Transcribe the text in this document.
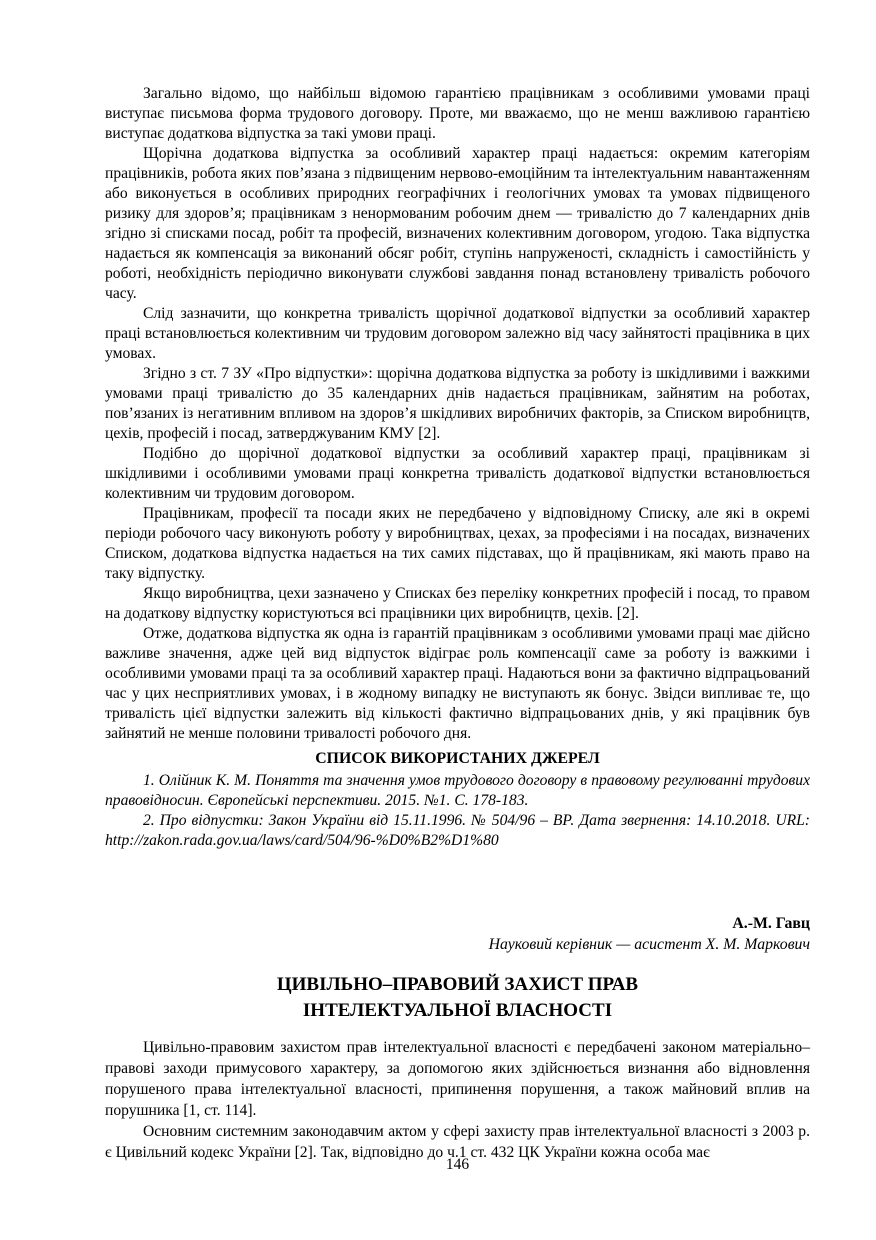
Загально відомо, що найбільш відомою гарантією працівникам з особливими умовами праці виступає письмова форма трудового договору. Проте, ми вважаємо, що не менш важливою гарантією виступає додаткова відпустка за такі умови праці.

Щорічна додаткова відпустка за особливий характер праці надається: окремим категоріям працівників, робота яких пов’язана з підвищеним нервово-емоційним та інтелектуальним навантаженням або виконується в особливих природних географічних і геологічних умовах та умовах підвищеного ризику для здоров’я; працівникам з ненормованим робочим днем — тривалістю до 7 календарних днів згідно зі списками посад, робіт та професій, визначених колективним договором, угодою. Така відпустка надається як компенсація за виконаний обсяг робіт, ступінь напруженості, складність і самостійність у роботі, необхідність періодично виконувати службові завдання понад встановлену тривалість робочого часу.

Слід зазначити, що конкретна тривалість щорічної додаткової відпустки за особливий характер праці встановлюється колективним чи трудовим договором залежно від часу зайнятості працівника в цих умовах.

Згідно з ст. 7 ЗУ «Про відпустки»: щорічна додаткова відпустка за роботу із шкідливими і важкими умовами праці тривалістю до 35 календарних днів надається працівникам, зайнятим на роботах, пов’язаних із негативним впливом на здоров’я шкідливих виробничих факторів, за Списком виробництв, цехів, професій і посад, затверджуваним КМУ [2].

Подібно до щорічної додаткової відпустки за особливий характер праці, працівникам зі шкідливими і особливими умовами праці конкретна тривалість додаткової відпустки встановлюється колективним чи трудовим договором.

Працівникам, професії та посади яких не передбачено у відповідному Списку, але які в окремі періоди робочого часу виконують роботу у виробництвах, цехах, за професіями і на посадах, визначених Списком, додаткова відпустка надається на тих самих підставах, що й працівникам, які мають право на таку відпустку.

Якщо виробництва, цехи зазначено у Списках без переліку конкретних професій і посад, то правом на додаткову відпустку користуються всі працівники цих виробництв, цехів. [2].

Отже, додаткова відпустка як одна із гарантій працівникам з особливими умовами праці має дійсно важливе значення, адже цей вид відпусток відіграє роль компенсації саме за роботу із важкими і особливими умовами праці та за особливий характер праці. Надаються вони за фактично відпрацьований час у цих несприятливих умовах, і в жодному випадку не виступають як бонус. Звідси випливає те, що тривалість цієї відпустки залежить від кількості фактично відпрацьованих днів, у які працівник був зайнятий не менше половини тривалості робочого дня.

СПИСОК ВИКОРИСТАНИХ ДЖЕРЕЛ

1. Олійник К. М. Поняття та значення умов трудового договору в правовому регулюванні трудових правовідносин. Європейські перспективи. 2015. №1. С. 178-183.

2. Про відпустки: Закон України від 15.11.1996. № 504/96 – ВР. Дата звернення: 14.10.2018. URL: http://zakon.rada.gov.ua/laws/card/504/96-%D0%B2%D1%80

А.-М. Гавц
Науковий керівник — асистент Х. М. Маркович
ЦИВІЛЬНО–ПРАВОВИЙ ЗАХИСТ ПРАВ
ІНТЕЛЕКТУАЛЬНОЇ ВЛАСНОСТІ

Цивільно-правовим захистом прав інтелектуальної власності є передбачені законом матеріально–правові заходи примусового характеру, за допомогою яких здійснюється визнання або відновлення порушеного права інтелектуальної власності, припинення порушення, а також майновий вплив на порушника [1, ст. 114].

Основним системним законодавчим актом у сфері захисту прав інтелектуальної власності з 2003 р. є Цивільний кодекс України [2]. Так, відповідно до ч.1 ст. 432 ЦК України кожна особа має

146
